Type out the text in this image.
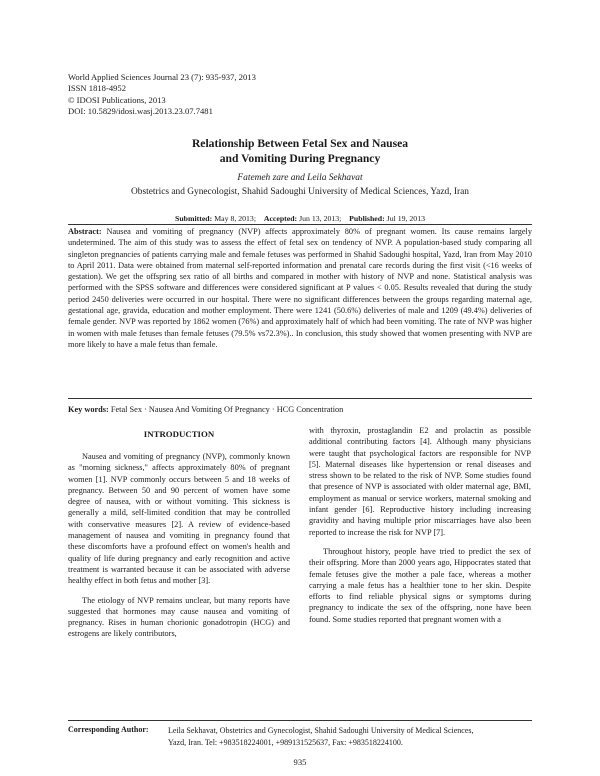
World Applied Sciences Journal 23 (7): 935-937, 2013
ISSN 1818-4952
© IDOSI Publications, 2013
DOI: 10.5829/idosi.wasj.2013.23.07.7481
Relationship Between Fetal Sex and Nausea
and Vomiting During Pregnancy
Fatemeh zare and Leila Sekhavat
Obstetrics and Gynecologist, Shahid Sadoughi University of Medical Sciences, Yazd, Iran
Submitted: May 8, 2013; Accepted: Jun 13, 2013; Published: Jul 19, 2013
Abstract: Nausea and vomiting of pregnancy (NVP) affects approximately 80% of pregnant women. Its cause remains largely undetermined. The aim of this study was to assess the effect of fetal sex on tendency of NVP. A population-based study comparing all singleton pregnancies of patients carrying male and female fetuses was performed in Shahid Sadoughi hospital, Yazd, Iran from May 2010 to April 2011. Data were obtained from maternal self-reported information and prenatal care records during the first visit (<16 weeks of gestation). We get the offspring sex ratio of all births and compared in mother with history of NVP and none. Statistical analysis was performed with the SPSS software and differences were considered significant at P values < 0.05. Results revealed that during the study period 2450 deliveries were occurred in our hospital. There were no significant differences between the groups regarding maternal age, gestational age, gravida, education and mother employment. There were 1241 (50.6%) deliveries of male and 1209 (49.4%) deliveries of female gender. NVP was reported by 1862 women (76%) and approximately half of which had been vomiting. The rate of NVP was higher in women with male fetuses than female fetuses (79.5% vs72.3%).. In conclusion, this study showed that women presenting with NVP are more likely to have a male fetus than female.
Key words: Fetal Sex · Nausea And Vomiting Of Pregnancy · HCG Concentration
INTRODUCTION

Nausea and vomiting of pregnancy (NVP), commonly known as "morning sickness," affects approximately 80% of pregnant women [1]. NVP commonly occurs between 5 and 18 weeks of pregnancy. Between 50 and 90 percent of women have some degree of nausea, with or without vomiting. This sickness is generally a mild, self-limited condition that may be controlled with conservative measures [2]. A review of evidence-based management of nausea and vomiting in pregnancy found that these discomforts have a profound effect on women's health and quality of life during pregnancy and early recognition and active treatment is warranted because it can be associated with adverse healthy effect in both fetus and mother [3].

The etiology of NVP remains unclear, but many reports have suggested that hormones may cause nausea and vomiting of pregnancy. Rises in human chorionic gonadotropin (HCG) and estrogens are likely contributors,

with thyroxin, prostaglandin E2 and prolactin as possible additional contributing factors [4]. Although many physicians were taught that psychological factors are responsible for NVP [5]. Maternal diseases like hypertension or renal diseases and stress shown to be related to the risk of NVP. Some studies found that presence of NVP is associated with older maternal age, BMI, employment as manual or service workers, maternal smoking and infant gender [6]. Reproductive history including increasing gravidity and having multiple prior miscarriages have also been reported to increase the risk for NVP [7].

Throughout history, people have tried to predict the sex of their offspring. More than 2000 years ago, Hippocrates stated that female fetuses give the mother a pale face, whereas a mother carrying a male fetus has a healthier tone to her skin. Despite efforts to find reliable physical signs or symptoms during pregnancy to indicate the sex of the offspring, none have been found. Some studies reported that pregnant women with a

Corresponding Author: Leila Sekhavat, Obstetrics and Gynecologist, Shahid Sadoughi University of Medical Sciences,
Yazd, Iran. Tel: +983518224001, +989131525637, Fax: +983518224100.
935
